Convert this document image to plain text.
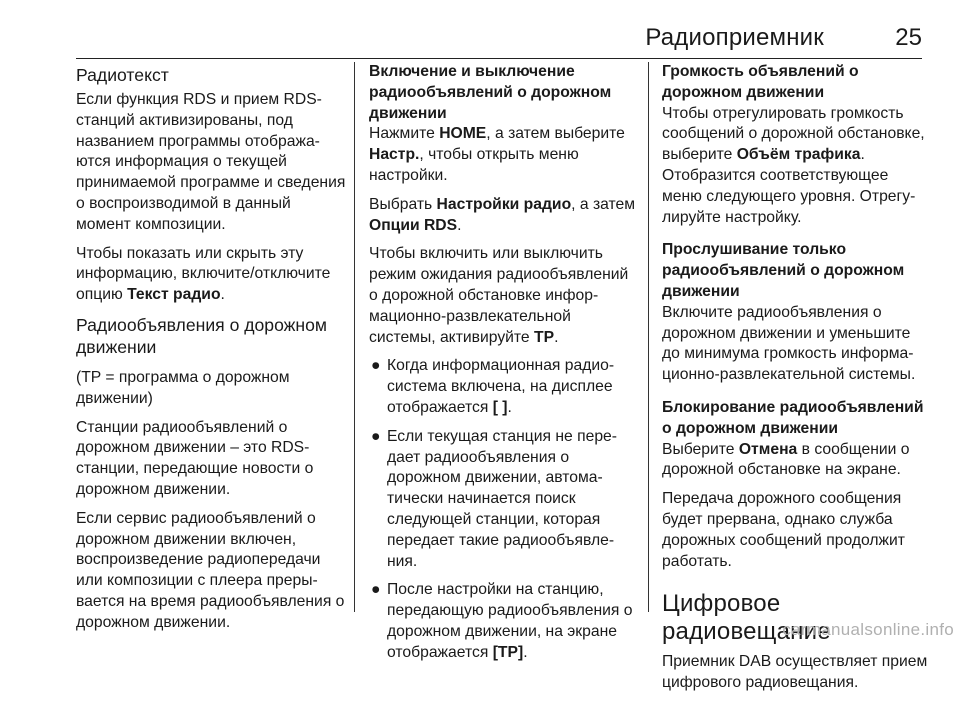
Радиоприемник	25
Радиотекст

Если функция RDS и прием RDS-станций активизированы, под названием программы отображаются информация о текущей принимаемой программе и сведения о воспроизводимой в данный момент композиции.

Чтобы показать или скрыть эту информацию, включите/отключите опцию Текст радио.

Радиообъявления о дорожном движении

(TP = программа о дорожном движении)

Станции радиообъявлений о дорожном движении – это RDS-станции, передающие новости о дорожном движении.

Если сервис радиообъявлений о дорожном движении включен, воспроизведение радиопередачи или композиции с плеера прерывается на время радиообъявления о дорожном движении.

Включение и выключение радиообъявлений о дорожном движении

Нажмите HOME, а затем выберите Настр., чтобы открыть меню настройки.

Выбрать Настройки радио, а затем Опции RDS.

Чтобы включить или выключить режим ожидания радиообъявлений о дорожной обстановке информационно-развлекательной системы, активируйте TP.

● Когда информационная радиосистема включена, на дисплее отображается [ ].
● Если текущая станция не передает радиообъявления о дорожном движении, автоматически начинается поиск следующей станции, которая передает такие радиообъявления.
● После настройки на станцию, передающую радиообъявления о дорожном движении, на экране отображается [TP].
Громкость объявлений о дорожном движении

Чтобы отрегулировать громкость сообщений о дорожной обстановке, выберите Объём трафика. Отобразится соответствующее меню следующего уровня. Отрегулируйте настройку.

Прослушивание только радиообъявлений о дорожном движении

Включите радиообъявления о дорожном движении и уменьшите до минимума громкость информационно-развлекательной системы.

Блокирование радиообъявлений о дорожном движении

Выберите Отмена в сообщении о дорожной обстановке на экране.

Передача дорожного сообщения будет прервана, однако служба дорожных сообщений продолжит работать.

Цифровое радиовещание

Приемник DAB осуществляет прием цифрового радиовещания.

carmanualsonline.info
